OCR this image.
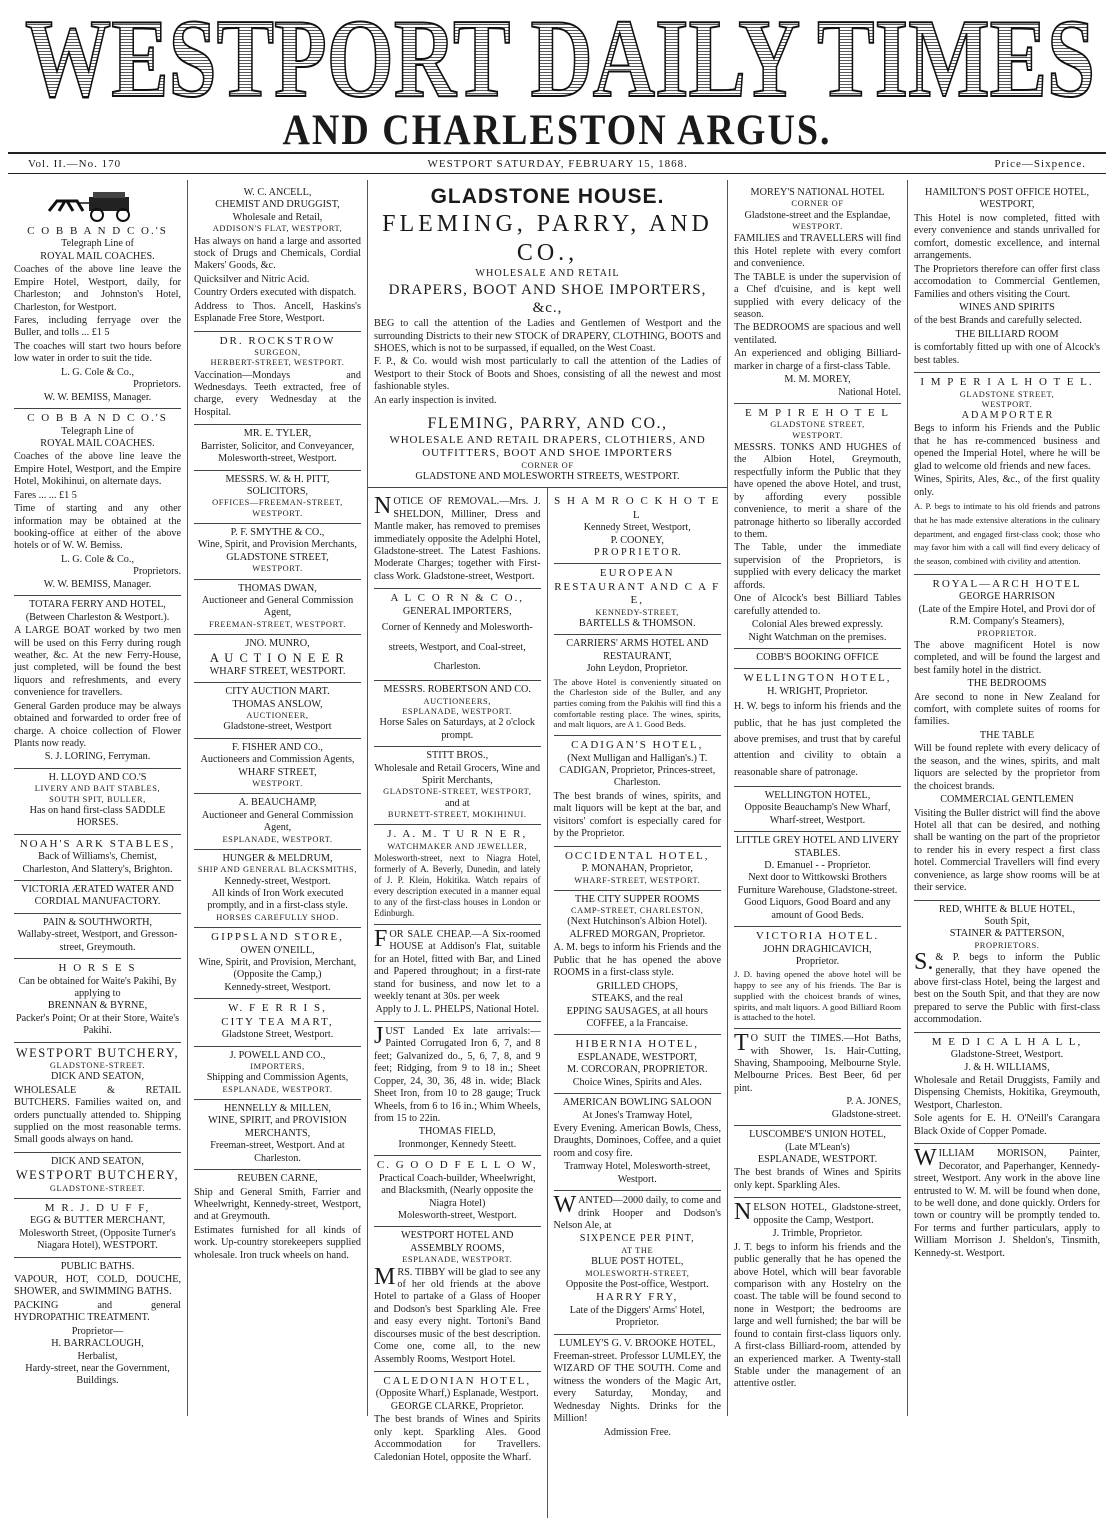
WESTPORT DAILY TIMES
AND CHARLESTON ARGUS.
Vol. II.—No. 170	WESTPORT SATURDAY, FEBRUARY 15, 1868.	Price—Sixpence.
C O B B A N D C O.'S
Telegraph Line of
ROYAL MAIL COACHES.

Coaches of the above line leave the Empire Hotel, Westport, daily, for Charleston; and Johnston's Hotel, Charleston, for Westport.

Fares, including ferryage over the Buller, and tolls ... £1 5

The coaches will start two hours before low water in order to suit the tide.

L. G. Cole & Co.,
Proprietors.
W. W. BEMISS, Manager.
C O B B A N D C O.'S
Telegraph Line of
ROYAL MAIL COACHES.

Coaches of the above line leave the Empire Hotel, Westport, and the Empire Hotel, Mokihinui, on alternate days.

Fares ... ... £1 5

Time of starting and any other information may be obtained at the booking-office at either of the above hotels or of W. W. Bemiss.

L. G. Cole & Co.,
Proprietors.
W. W. BEMISS, Manager.
TOTARA FERRY AND HOTEL,
(Between Charleston & Westport.).

A LARGE BOAT worked by two men will be used on this Ferry during rough weather, &c. At the new Ferry-House, just completed, will be found the best liquors and refreshments, and every convenience for travellers.

General Garden produce may be always obtained and forwarded to order free of charge. A choice collection of Flower Plants now ready.

S. J. LORING, Ferryman.
H. LLOYD AND CO.'S
LIVERY AND BAIT STABLES,
SOUTH SPIT, BULLER,
Has on hand first-class SADDLE HORSES.
NOAH'S ARK STABLES,
Back of Williams's, Chemist, Charleston, And Slattery's, Brighton.
VICTORIA ÆRATED WATER AND CORDIAL MANUFACTORY.
PAIN & SOUTHWORTH,
Wallaby-street, Westport, and Gresson-street, Greymouth.
H O R S E S
Can be obtained for Waite's Pakihi, By applying to
BRENNAN & BYRNE,
Packer's Point; Or at their Store, Waite's Pakihi.
WESTPORT BUTCHERY,
GLADSTONE-STREET.
DICK AND SEATON,

WHOLESALE & RETAIL BUTCHERS. Families waited on, and orders punctually attended to. Shipping supplied on the most reasonable terms. Small goods always on hand.

DICK AND SEATON,
WESTPORT BUTCHERY,
GLADSTONE-STREET.
M R. J. D U F F,
EGG & BUTTER MERCHANT,
Molesworth Street, (Opposite Turner's Niagara Hotel), WESTPORT.
PUBLIC BATHS.

VAPOUR, HOT, COLD, DOUCHE, SHOWER, and SWIMMING BATHS.

PACKING and general HYDROPATHIC TREATMENT.

Proprietor—
H. BARRACLOUGH,
Herbalist,
Hardy-street, near the Government, Buildings.
W. C. ANCELL,
CHEMIST AND DRUGGIST,
Wholesale and Retail,
ADDISON'S FLAT, WESTPORT,

Has always on hand a large and assorted stock of Drugs and Chemicals, Cordial Makers' Goods, &c.

Quicksilver and Nitric Acid.

Country Orders executed with dispatch.

Address to Thos. Ancell, Haskins's Esplanade Free Store, Westport.

DR. ROCKSTROW
SURGEON,
HERBERT-STREET, WESTPORT.

Vaccination—Mondays and Wednesdays. Teeth extracted, free of charge, every Wednesday at the Hospital.

MR. E. TYLER,
Barrister, Solicitor, and Conveyancer, Molesworth-street, Westport.
MESSRS. W. & H. PITT,
SOLICITORS,
OFFICES—FREEMAN-STREET, WESTPORT.
P. F. SMYTHE & CO.,
Wine, Spirit, and Provision Merchants,
GLADSTONE STREET,
WESTPORT.
THOMAS DWAN,
Auctioneer and General Commission Agent,
FREEMAN-STREET, WESTPORT.
JNO. MUNRO,
A U C T I O N E E R
WHARF STREET, WESTPORT.
CITY AUCTION MART.
THOMAS ANSLOW,
AUCTIONEER,
Gladstone-street, Westport
F. FISHER AND CO.,
Auctioneers and Commission Agents,
WHARF STREET,
WESTPORT.
A. BEAUCHAMP,
Auctioneer and General Commission Agent,
ESPLANADE, WESTPORT.
HUNGER & MELDRUM,
SHIP AND GENERAL BLACKSMITHS,
Kennedy-street, Westport.
All kinds of Iron Work executed promptly, and in a first-class style.
HORSES CAREFULLY SHOD.
GIPPSLAND STORE,
OWEN O'NEILL,
Wine, Spirit, and Provision, Merchant,
(Opposite the Camp,)
Kennedy-street, Westport.
W. F E R R I S,
CITY TEA MART,
Gladstone Street, Westport.
J. POWELL AND CO.,
IMPORTERS,
Shipping and Commission Agents,
ESPLANADE, WESTPORT.
HENNELLY & MILLEN,
WINE, SPIRIT, and PROVISION MERCHANTS,
Freeman-street, Westport. And at Charleston.
REUBEN CARNE,

Ship and General Smith, Farrier and Wheelwright, Kennedy-street, Westport, and at Greymouth.

Estimates furnished for all kinds of work. Up-country storekeepers supplied wholesale. Iron truck wheels on hand.

GLADSTONE HOUSE.
FLEMING, PARRY, AND CO.,
WHOLESALE AND RETAIL
DRAPERS, BOOT AND SHOE IMPORTERS, &c.,

BEG to call the attention of the Ladies and Gentlemen of Westport and the surrounding Districts to their new STOCK of DRAPERY, CLOTHING, BOOTS and SHOES, which is not to be surpassed, if equalled, on the West Coast.

F. P., & Co. would wish most particularly to call the attention of the Ladies of Westport to their Stock of Boots and Shoes, consisting of all the newest and most fashionable styles.

An early inspection is invited.

FLEMING, PARRY, AND CO.,
WHOLESALE AND RETAIL DRAPERS, CLOTHIERS, AND OUTFITTERS, BOOT AND SHOE IMPORTERS
CORNER OF
GLADSTONE AND MOLESWORTH STREETS, WESTPORT.

NOTICE OF REMOVAL.—Mrs. J. SHELDON, Milliner, Dress and Mantle maker, has removed to premises immediately opposite the Adelphi Hotel, Gladstone-street. The Latest Fashions. Moderate Charges; together with First-class Work. Gladstone-street, Westport.

A L C O R N & C O.,
GENERAL IMPORTERS,
Corner of Kennedy and Molesworth-streets, Westport, and Coal-street, Charleston.
MESSRS. ROBERTSON AND CO.
AUCTIONEERS,
ESPLANADE, WESTPORT.
Horse Sales on Saturdays, at 2 o'clock prompt.
STITT BROS.,
Wholesale and Retail Grocers, Wine and Spirit Merchants,
GLADSTONE-STREET, WESTPORT,
and at
BURNETT-STREET, MOKIHINUI.
J. A. M. T U R N E R,
WATCHMAKER AND JEWELLER,

Molesworth-street, next to Niagra Hotel, formerly of A. Beverly, Dunedin, and lately of J. P. Klein, Hokitika. Watch repairs of every description executed in a manner equal to any of the first-class houses in London or Edinburgh.

FOR SALE CHEAP.—A Six-roomed HOUSE at Addison's Flat, suitable for an Hotel, fitted with Bar, and Lined and Papered throughout; in a first-rate stand for business, and now let to a weekly tenant at 30s. per week

Apply to J. L. PHELPS, National Hotel.

JUST Landed Ex late arrivals:— Painted Corrugated Iron 6, 7, and 8 feet; Galvanized do., 5, 6, 7, 8, and 9 feet; Ridging, from 9 to 18 in.; Sheet Copper, 24, 30, 36, 48 in. wide; Black Sheet Iron, from 10 to 28 gauge; Truck Wheels, from 6 to 16 in.; Whim Wheels, from 15 to 22in.

THOMAS FIELD,
Ironmonger, Kennedy Steett.
C. G O O D F E L L O W,
Practical Coach-builder, Wheelwright, and Blacksmith, (Nearly opposite the Niagra Hotel)
Molesworth-street, Westport.
WESTPORT HOTEL AND ASSEMBLY ROOMS,
ESPLANADE, WESTPORT.

MRS. TIBBY will be glad to see any of her old friends at the above Hotel to partake of a Glass of Hooper and Dodson's best Sparkling Ale. Free and easy every night. Tortoni's Band discourses music of the best description. Come one, come all, to the new Assembly Rooms, Westport Hotel.

CALEDONIAN HOTEL,
(Opposite Wharf,) Esplanade, Westport.
GEORGE CLARKE, Proprietor.

The best brands of Wines and Spirits only kept. Sparkling Ales. Good Accommodation for Travellers. Caledonian Hotel, opposite the Wharf.

S H A M R O C K H O T E L
Kennedy Street, Westport,
P. COONEY,
P R O P R I E T O R.
EUROPEAN RESTAURANT AND C A F E,
KENNEDY-STREET,
BARTELLS & THOMSON.
CARRIERS' ARMS HOTEL AND RESTAURANT,
John Leydon, Proprietor.

The above Hotel is conveniently situated on the Charleston side of the Buller, and any parties coming from the Pakihis will find this a comfortable resting place. The wines, spirits, and malt liquors, are A 1. Good Beds.

CADIGAN'S HOTEL,
(Next Mulligan and Halligan's.) T. CADIGAN, Proprietor, Princes-street, Charleston.

The best brands of wines, spirits, and malt liquors will be kept at the bar, and visitors' comfort is especially cared for by the Proprietor.

OCCIDENTAL HOTEL,
P. MONAHAN, Proprietor,
WHARF-STREET, WESTPORT.
THE CITY SUPPER ROOMS
CAMP-STREET, CHARLESTON,
(Next Hutchinson's Albion Hotel).
ALFRED MORGAN, Proprietor.

A. M. begs to inform his Friends and the Public that he has opened the above ROOMS in a first-class style.

GRILLED CHOPS,
STEAKS, and the real
EPPING SAUSAGES, at all hours
COFFEE, a la Francaise.
HIBERNIA HOTEL,
ESPLANADE, WESTPORT,
M. CORCORAN, PROPRIETOR.
Choice Wines, Spirits and Ales.
AMERICAN BOWLING SALOON
At Jones's Tramway Hotel,

Every Evening. American Bowls, Chess, Draughts, Dominoes, Coffee, and a quiet room and cosy fire.

Tramway Hotel, Molesworth-street, Westport.

WANTED—2000 daily, to come and drink Hooper and Dodson's Nelson Ale, at

SIXPENCE PER PINT,
AT THE
BLUE POST HOTEL,
MOLESWORTH-STREET,
Opposite the Post-office, Westport.
HARRY FRY,
Late of the Diggers' Arms' Hotel, Proprietor.
LUMLEY'S G. V. BROOKE HOTEL,

Freeman-street. Professor LUMLEY, the WIZARD OF THE SOUTH. Come and witness the wonders of the Magic Art, every Saturday, Monday, and Wednesday Nights. Drinks for the Million!

Admission Free.
MOREY'S NATIONAL HOTEL
CORNER OF
Gladstone-street and the Esplandae,
WESTPORT.

FAMILIES and TRAVELLERS will find this Hotel replete with every comfort and convenience.

The TABLE is under the supervision of a Chef d'cuisine, and is kept well supplied with every delicacy of the season.

The BEDROOMS are spacious and well ventilated.

An experienced and obliging Billiard-marker in charge of a first-class Table.

M. M. MOREY,
National Hotel.
E M P I R E H O T E L
GLADSTONE STREET,
WESTPORT.

MESSRS. TONKS AND HUGHES of the Albion Hotel, Greymouth, respectfully inform the Public that they have opened the above Hotel, and trust, by affording every possible convenience, to merit a share of the patronage hitherto so liberally accorded to them.

The Table, under the immediate supervision of the Proprietors, is supplied with every delicacy the market affords.

One of Alcock's best Billiard Tables carefully attended to.

Colonial Ales brewed expressly.
Night Watchman on the premises.
COBB'S BOOKING OFFICE
WELLINGTON HOTEL,
H. WRIGHT, Proprietor.

H. W. begs to inform his friends and the public, that he has just completed the above premises, and trust that by careful attention and civility to obtain a reasonable share of patronage.

WELLINGTON HOTEL,
Opposite Beauchamp's New Wharf, Wharf-street, Westport.
LITTLE GREY HOTEL AND LIVERY STABLES.
D. Emanuel - - Proprietor.
Next door to Wittkowski Brothers Furniture Warehouse, Gladstone-street.
Good Liquors, Good Board and any amount of Good Beds.
VICTORIA HOTEL.
JOHN DRAGHICAVICH,
Proprietor.

J. D. having opened the above hotel will be happy to see any of his friends. The Bar is supplied with the choicest brands of wines, spirits, and malt liquors. A good Billiard Room is attached to the hotel.

TO SUIT the TIMES.—Hot Baths, with Shower, 1s. Hair-Cutting, Shaving, Shampooing, Melbourne Style. Melbourne Prices. Best Beer, 6d per pint.

P. A. JONES,
Gladstone-street.
LUSCOMBE'S UNION HOTEL,
(Late M'Lean's)
ESPLANADE, WESTPORT.

The best brands of Wines and Spirits only kept. Sparkling Ales.

NELSON HOTEL, Gladstone-street, opposite the Camp, Westport.

J. Trimble, Proprietor.

J. T. begs to inform his friends and the public generally that he has opened the above Hotel, which will bear favorable comparison with any Hostelry on the coast. The table will be found second to none in Westport; the bedrooms are large and well furnished; the bar will be found to contain first-class liquors only. A first-class Billiard-room, attended by an experienced marker. A Twenty-stall Stable under the management of an attentive ostler.

HAMILTON'S POST OFFICE HOTEL, WESTPORT,

This Hotel is now completed, fitted with every convenience and stands unrivalled for comfort, domestic excellence, and internal arrangements.

The Proprietors therefore can offer first class accomodation to Commercial Gentlemen, Families and others visiting the Court.

WINES AND SPIRITS

of the best Brands and carefully selected.

THE BILLIARD ROOM

is comfortably fitted up with one of Alcock's best tables.

I M P E R I A L H O T E L.
GLADSTONE STREET,
WESTPORT.
A D A M P O R T E R

Begs to inform his Friends and the Public that he has re-commenced business and opened the Imperial Hotel, where he will be glad to welcome old friends and new faces.

Wines, Spirits, Ales, &c., of the first quality only.

A. P. begs to intimate to his old friends and patrons that he has made extensive alterations in the culinary department, and engaged first-class cook; those who may favor him with a call will find every delicacy of the season, combined with civility and attention.

ROYAL—ARCH HOTEL
GEORGE HARRISON
(Late of the Empire Hotel, and Provi dor of R.M. Company's Steamers),
PROPRIETOR.

The above magnificent Hotel is now completed, and will be found the largest and best family hotel in the district.

THE BEDROOMS

Are second to none in New Zealand for comfort, with complete suites of rooms for families.

THE TABLE

Will be found replete with every delicacy of the season, and the wines, spirits, and malt liquors are selected by the proprietor from the choicest brands.

COMMERCIAL GENTLEMEN

Visiting the Buller district will find the above Hotel all that can be desired, and nothing shall be wanting on the part of the proprietor to render his in every respect a first class hotel. Commercial Travellers will find every convenience, as large show rooms will be at their service.

RED, WHITE & BLUE HOTEL,
South Spit,
STAINER & PATTERSON,
PROPRIETORS.

S.& P. begs to inform the Public generally, that they have opened the above first-class Hotel, being the largest and best on the South Spit, and that they are now prepared to serve the Public with first-class accommodation.

M E D I C A L H A L L,
Gladstone-Street, Westport.
J. & H. WILLIAMS,

Wholesale and Retail Druggists, Family and Dispensing Chemists, Hokitika, Greymouth, Westport, Charleston.

Sole agents for E. H. O'Neill's Carangara Black Oxide of Copper Pomade.

WILLIAM MORISON, Painter, Decorator, and Paperhanger, Kennedy-street, Westport. Any work in the above line entrusted to W. M. will be found when done, to be well done, and done quickly. Orders for town or country will be promptly tended to. For terms and further particulars, apply to William Morrison J. Sheldon's, Tinsmith, Kennedy-st. Westport.
